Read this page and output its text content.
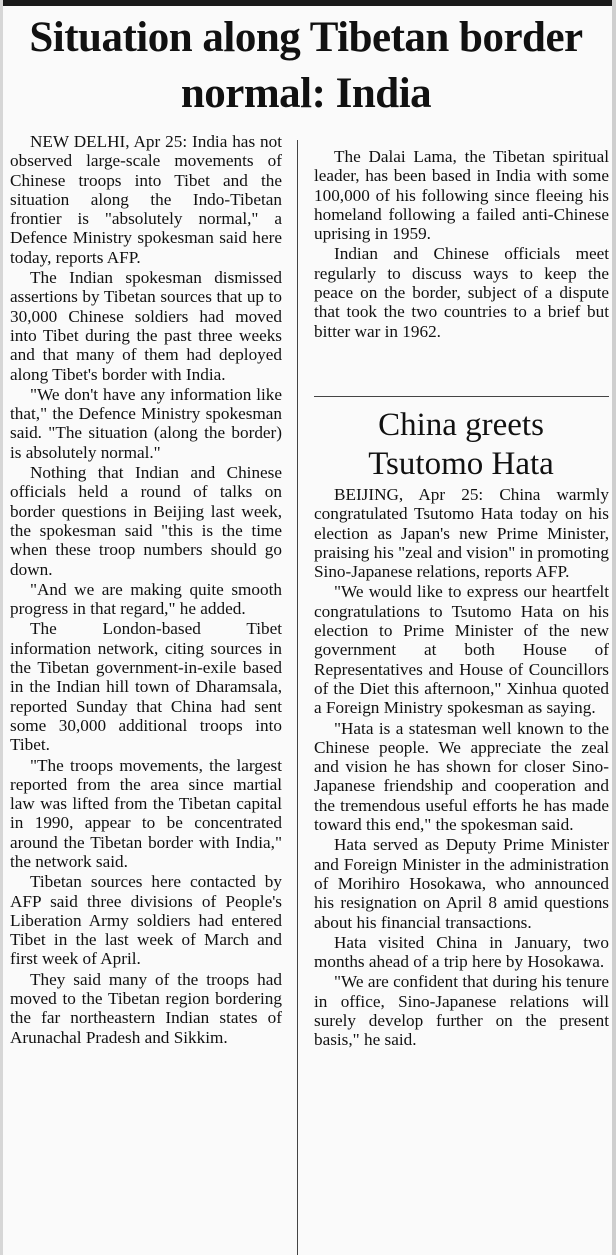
Situation along Tibetan border normal: India

NEW DELHI, Apr 25: India has not observed large-scale movements of Chinese troops into Tibet and the situation along the Indo-Tibetan frontier is "absolutely normal," a Defence Ministry spokesman said here today, reports AFP.

The Indian spokesman dismissed assertions by Tibetan sources that up to 30,000 Chinese soldiers had moved into Tibet during the past three weeks and that many of them had deployed along Tibet's border with India.

"We don't have any information like that," the Defence Ministry spokesman said. "The situation (along the border) is absolutely normal."

Nothing that Indian and Chinese officials held a round of talks on border questions in Beijing last week, the spokesman said "this is the time when these troop numbers should go down.

"And we are making quite smooth progress in that regard," he added.

The London-based Tibet information network, citing sources in the Tibetan government-in-exile based in the Indian hill town of Dharamsala, reported Sunday that China had sent some 30,000 additional troops into Tibet.

"The troops movements, the largest reported from the area since martial law was lifted from the Tibetan capital in 1990, appear to be concentrated around the Tibetan border with India," the network said.

Tibetan sources here contacted by AFP said three divisions of People's Liberation Army soldiers had entered Tibet in the last week of March and first week of April.

They said many of the troops had moved to the Tibetan region bordering the far northeastern Indian states of Arunachal Pradesh and Sikkim.

The Dalai Lama, the Tibetan spiritual leader, has been based in India with some 100,000 of his following since fleeing his homeland following a failed anti-Chinese uprising in 1959.

Indian and Chinese officials meet regularly to discuss ways to keep the peace on the border, subject of a dispute that took the two countries to a brief but bitter war in 1962.

China greets Tsutomo Hata

BEIJING, Apr 25: China warmly congratulated Tsutomo Hata today on his election as Japan's new Prime Minister, praising his "zeal and vision" in promoting Sino-Japanese relations, reports AFP.

"We would like to express our heartfelt congratulations to Tsutomo Hata on his election to Prime Minister of the new government at both House of Representatives and House of Councillors of the Diet this afternoon," Xinhua quoted a Foreign Ministry spokesman as saying.

"Hata is a statesman well known to the Chinese people. We appreciate the zeal and vision he has shown for closer Sino-Japanese friendship and cooperation and the tremendous useful efforts he has made toward this end," the spokesman said.

Hata served as Deputy Prime Minister and Foreign Minister in the administration of Morihiro Hosokawa, who announced his resignation on April 8 amid questions about his financial transactions.

Hata visited China in January, two months ahead of a trip here by Hosokawa.

"We are confident that during his tenure in office, Sino-Japanese relations will surely develop further on the present basis," he said.
